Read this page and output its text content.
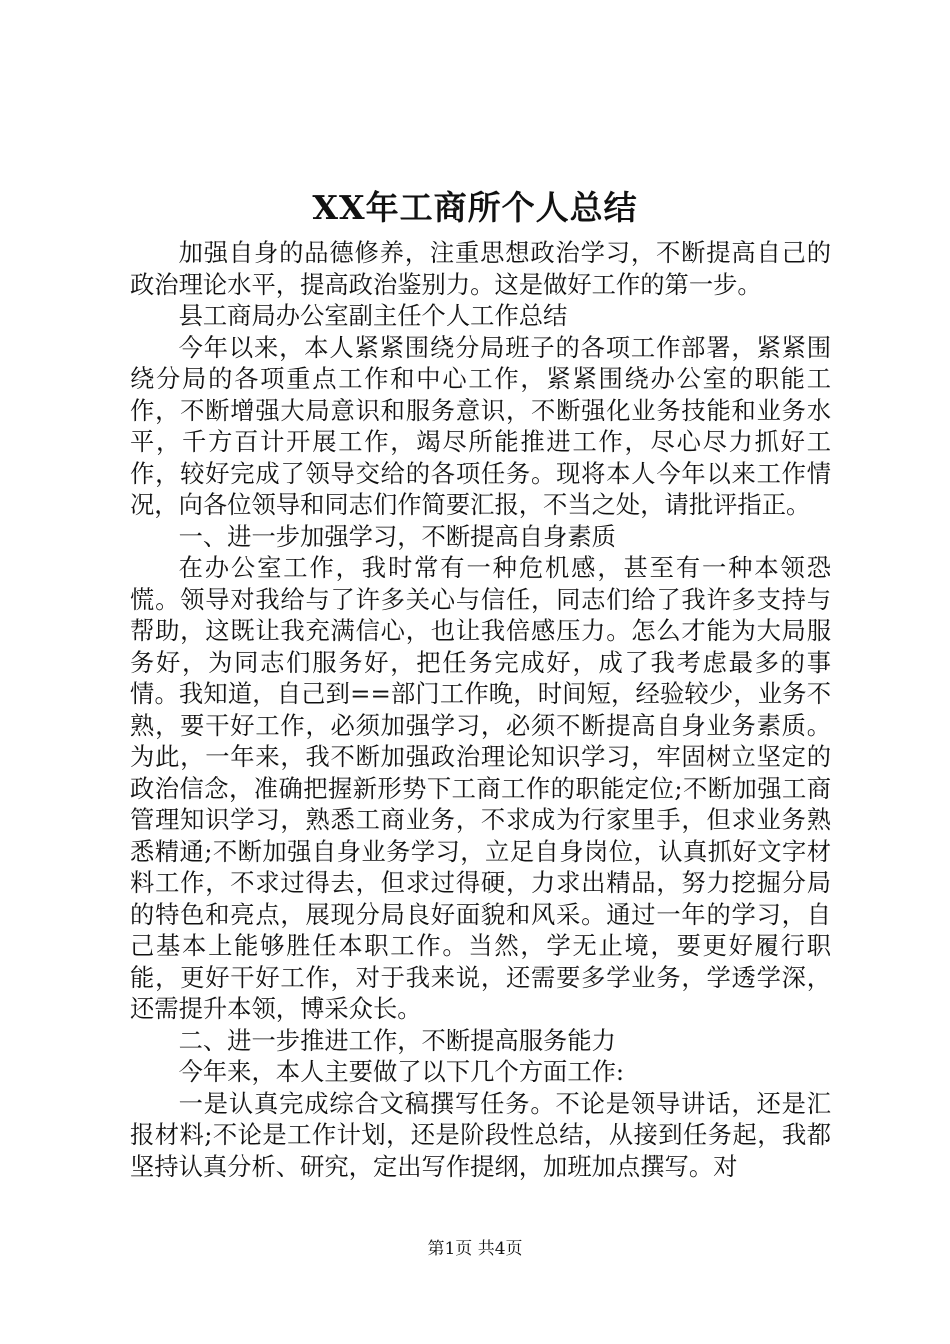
XX年工商所个人总结

加强自身的品德修养，注重思想政治学习，不断提高自己的政治理论水平，提高政治鉴别力。这是做好工作的第一步。

县工商局办公室副主任个人工作总结

今年以来，本人紧紧围绕分局班子的各项工作部署，紧紧围绕分局的各项重点工作和中心工作，紧紧围绕办公室的职能工作，不断增强大局意识和服务意识，不断强化业务技能和业务水平，千方百计开展工作，竭尽所能推进工作，尽心尽力抓好工作，较好完成了领导交给的各项任务。现将本人今年以来工作情况，向各位领导和同志们作简要汇报，不当之处，请批评指正。

一、进一步加强学习，不断提高自身素质

在办公室工作，我时常有一种危机感，甚至有一种本领恐慌。领导对我给与了许多关心与信任，同志们给了我许多支持与帮助，这既让我充满信心，也让我倍感压力。怎么才能为大局服务好，为同志们服务好，把任务完成好，成了我考虑最多的事情。我知道，自己到==部门工作晚，时间短，经验较少，业务不熟，要干好工作，必须加强学习，必须不断提高自身业务素质。为此，一年来，我不断加强政治理论知识学习，牢固树立坚定的政治信念，准确把握新形势下工商工作的职能定位;不断加强工商管理知识学习，熟悉工商业务，不求成为行家里手，但求业务熟悉精通;不断加强自身业务学习，立足自身岗位，认真抓好文字材料工作，不求过得去，但求过得硬，力求出精品，努力挖掘分局的特色和亮点，展现分局良好面貌和风采。通过一年的学习，自己基本上能够胜任本职工作。当然，学无止境，要更好履行职能，更好干好工作，对于我来说，还需要多学业务，学透学深，还需提升本领，博采众长。

二、进一步推进工作，不断提高服务能力

今年来，本人主要做了以下几个方面工作:

一是认真完成综合文稿撰写任务。不论是领导讲话，还是汇报材料;不论是工作计划，还是阶段性总结，从接到任务起，我都坚持认真分析、研究，定出写作提纲，加班加点撰写。对

第1页 共4页
